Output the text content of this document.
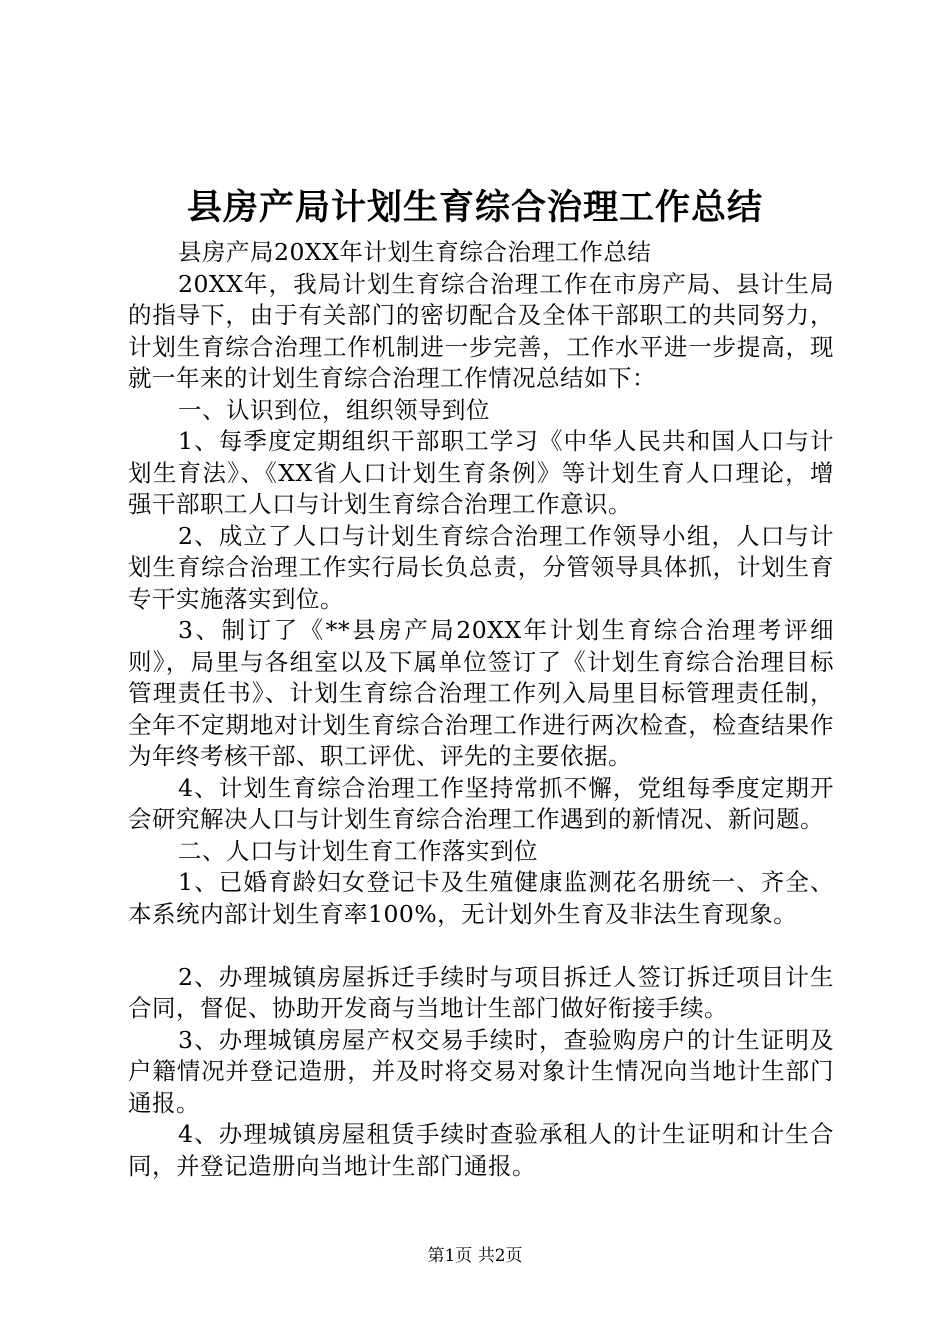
县房产局计划生育综合治理工作总结

县房产局20XX年计划生育综合治理工作总结

20XX年，我局计划生育综合治理工作在市房产局、县计生局的指导下，由于有关部门的密切配合及全体干部职工的共同努力，计划生育综合治理工作机制进一步完善，工作水平进一步提高，现就一年来的计划生育综合治理工作情况总结如下：

一、认识到位，组织领导到位

1、每季度定期组织干部职工学习《中华人民共和国人口与计划生育法》、《XX省人口计划生育条例》等计划生育人口理论，增强干部职工人口与计划生育综合治理工作意识。

2、成立了人口与计划生育综合治理工作领导小组，人口与计划生育综合治理工作实行局长负总责，分管领导具体抓，计划生育专干实施落实到位。

3、制订了《**县房产局20XX年计划生育综合治理考评细则》，局里与各组室以及下属单位签订了《计划生育综合治理目标管理责任书》、计划生育综合治理工作列入局里目标管理责任制，全年不定期地对计划生育综合治理工作进行两次检查，检查结果作为年终考核干部、职工评优、评先的主要依据。

4、计划生育综合治理工作坚持常抓不懈，党组每季度定期开会研究解决人口与计划生育综合治理工作遇到的新情况、新问题。

二、人口与计划生育工作落实到位

1、已婚育龄妇女登记卡及生殖健康监测花名册统一、齐全、本系统内部计划生育率100%，无计划外生育及非法生育现象。

2、办理城镇房屋拆迁手续时与项目拆迁人签订拆迁项目计生合同，督促、协助开发商与当地计生部门做好衔接手续。

3、办理城镇房屋产权交易手续时，查验购房户的计生证明及户籍情况并登记造册，并及时将交易对象计生情况向当地计生部门通报。

4、办理城镇房屋租赁手续时查验承租人的计生证明和计生合同，并登记造册向当地计生部门通报。

第1页 共2页
